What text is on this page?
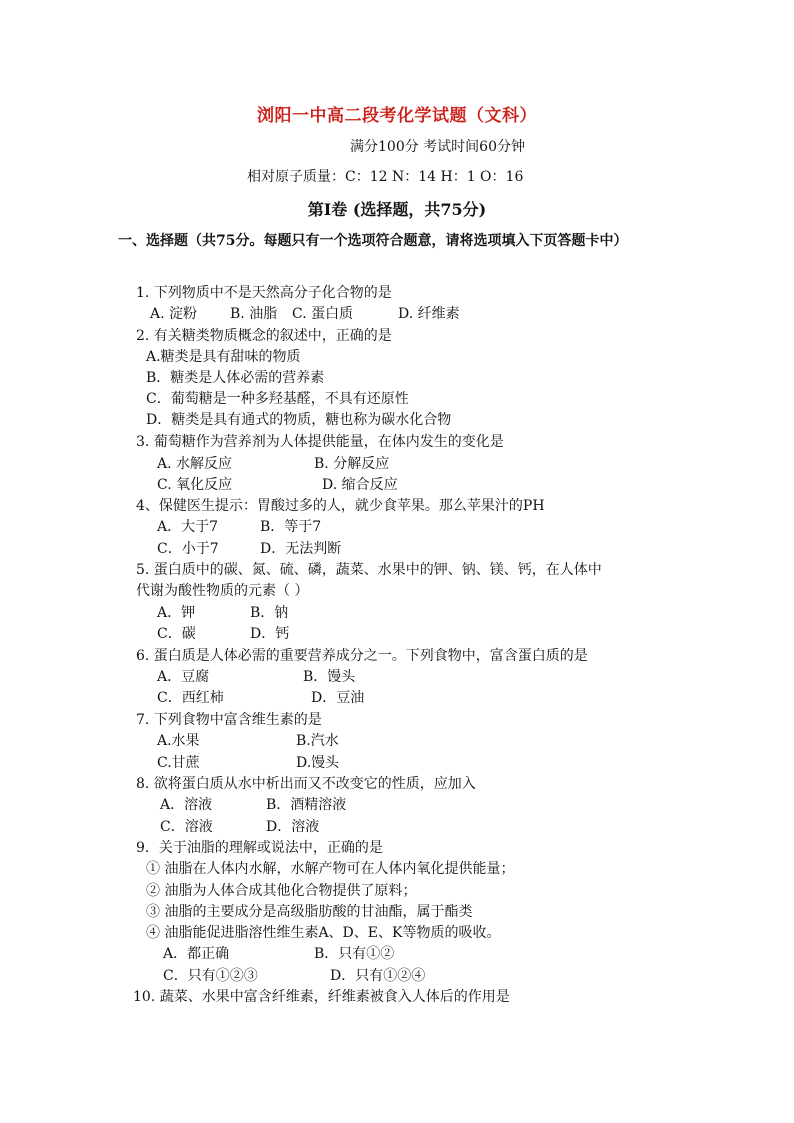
浏阳一中高二段考化学试题（文科）
满分100分 考试时间60分钟
相对原子质量：C：12 N：14 H：1 O：16
第Ⅰ卷 (选择题，共75分)
一、选择题（共75分。每题只有一个选项符合题意，请将选项填入下页答题卡中）
1. 下列物质中不是天然高分子化合物的是
A. 淀粉 B. 油脂 C. 蛋白质	D. 纤维素
2. 有关糖类物质概念的叙述中，正确的是
A.糖类是具有甜味的物质
B．糖类是人体必需的营养素
C．葡萄糖是一种多羟基醛，不具有还原性
D．糖类是具有通式的物质，糖也称为碳水化合物
3. 葡萄糖作为营养剂为人体提供能量，在体内发生的变化是
A. 水解反应	B. 分解反应
C. 氧化反应	D. 缩合反应
4、保健医生提示：胃酸过多的人，就少食苹果。那么苹果汁的PH
A．大于7	B．等于7
C．小于7	D．无法判断
5. 蛋白质中的碳、氮、硫、磷，蔬菜、水果中的钾、钠、镁、钙，在人体中
代谢为酸性物质的元素（ ）
A．钾	B．钠
C．碳	D．钙
6. 蛋白质是人体必需的重要营养成分之一。下列食物中，富含蛋白质的是
A．豆腐	B．馒头
C．西红柿	D．豆油
7. 下列食物中富含维生素的是
A.水果	B.汽水
C.甘蔗	D.馒头
8. 欲将蛋白质从水中析出而又不改变它的性质，应加入
A．溶液	B．酒精溶液
C．溶液	D．溶液
9．关于油脂的理解或说法中，正确的是
① 油脂在人体内水解，水解产物可在人体内氧化提供能量；
② 油脂为人体合成其他化合物提供了原料；
③ 油脂的主要成分是高级脂肪酸的甘油酯，属于酯类
④ 油脂能促进脂溶性维生素A、D、E、K等物质的吸收。
A．都正确	B．只有①②
C．只有①②③	D．只有①②④
10. 蔬菜、水果中富含纤维素，纤维素被食入人体后的作用是
